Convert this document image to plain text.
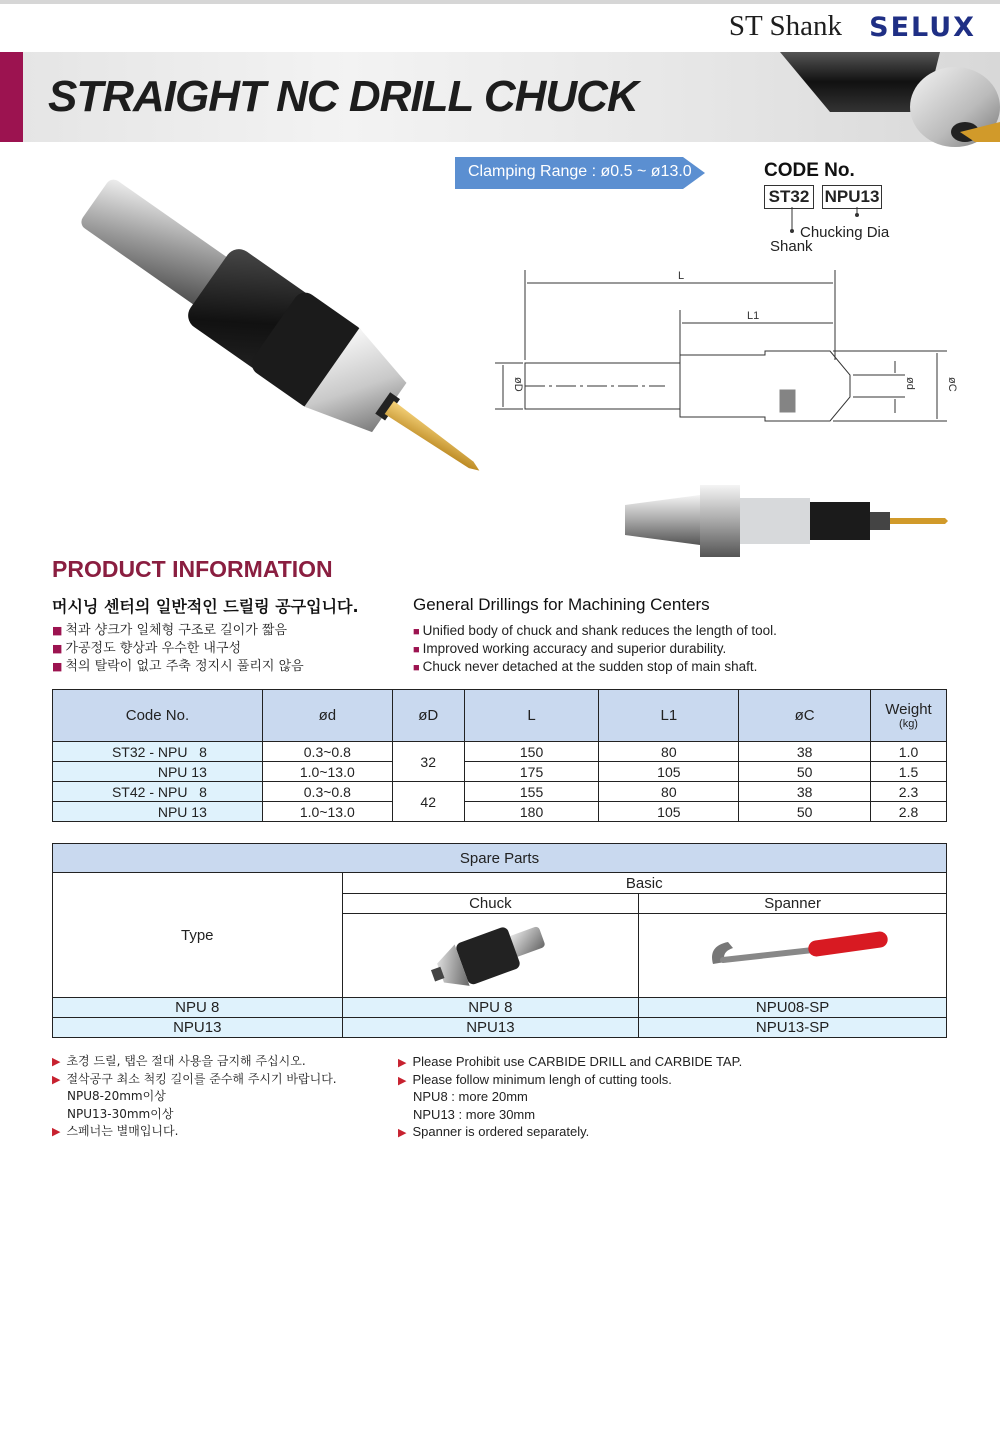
ST Shank SELUX
STRAIGHT NC DRILL CHUCK
Clamping Range : ø0.5 ~ ø13.0	CODE No.
ST32 NPU13
Chucking Dia
Shank
L
L1
øD	ød	øC
PRODUCT INFORMATION
머시닝 센터의 일반적인 드릴링 공구입니다.	General Drillings for Machining Centers
■ 척과 샹크가 일체형 구조로 길이가 짧음
■ 가공정도 향상과 우수한 내구성
■ 척의 탈락이 없고 주축 정지시 풀리지 않음
■ Unified body of chuck and shank reduces the length of tool.
■ Improved working accuracy and superior durability.
■ Chuck never detached at the sudden stop of main shaft.
Code No.	ød	øD	L	L1	øC	Weight
(kg)

ST32 - NPU   8	0.3~0.8	32	150	80	38	1.0
NPU 13	1.0~13.0		175	105	50	1.5
ST42 - NPU   8	0.3~0.8	42	155	80	38	2.3
NPU 13	1.0~13.0		180	105	50	2.8
Spare Parts		
Type	Basic	
	Chuck	Spanner

NPU 8	NPU 8	NPU08-SP
NPU13	NPU13	NPU13-SP
▶ 초경 드릴, 탭은 절대 사용을 금지해 주십시오.
▶ 절삭공구 최소 척킹 길이를 준수해 주시기 바랍니다.
NPU8-20mm이상
NPU13-30mm이상
▶ 스페너는 별매입니다.
▶ Please Prohibit use CARBIDE DRILL and CARBIDE TAP.
▶ Please follow minimum lengh of cutting tools.
NPU8 : more 20mm
NPU13 : more 30mm
▶ Spanner is ordered separately.
